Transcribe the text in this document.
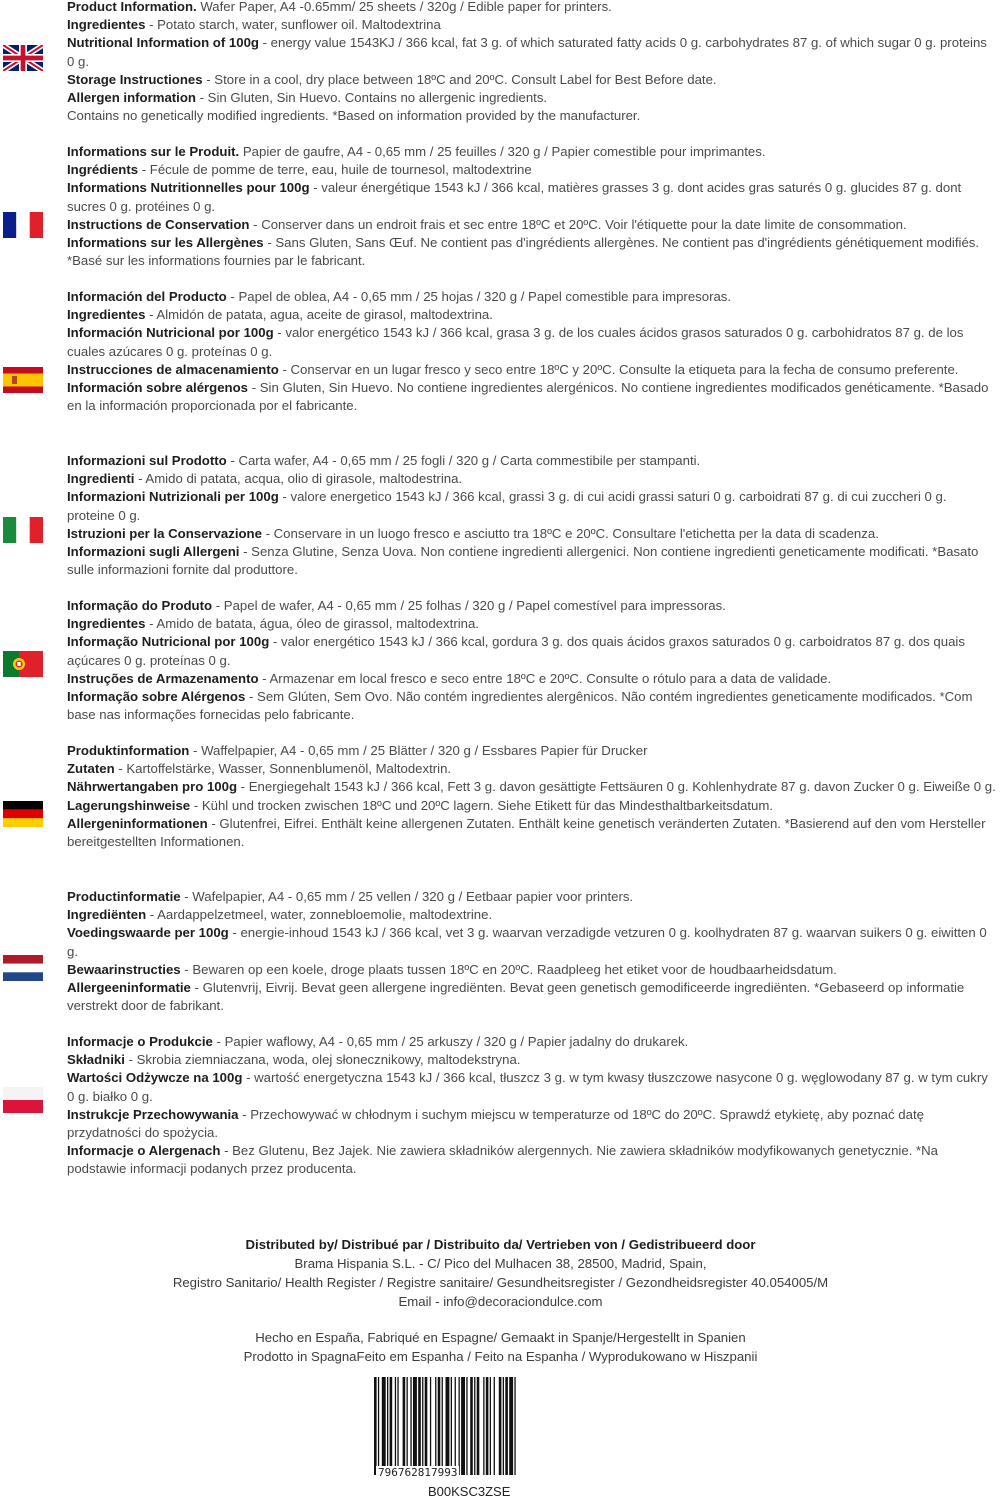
Product Information. Wafer Paper, A4 -0.65mm/ 25 sheets / 320g / Edible paper for printers.
Ingredientes - Potato starch, water, sunflower oil. Maltodextrina
Nutritional Information of 100g - energy value 1543KJ / 366 kcal, fat 3 g. of which saturated fatty acids 0 g. carbohydrates 87 g. of which sugar 0 g. proteins 0 g.
Storage Instructiones - Store in a cool, dry place between 18ºC and 20ºC. Consult Label for Best Before date.
Allergen information - Sin Gluten, Sin Huevo. Contains no allergenic ingredients.
Contains no genetically modified ingredients. *Based on information provided by the manufacturer.
Informations sur le Produit. Papier de gaufre, A4 - 0,65 mm / 25 feuilles / 320 g / Papier comestible pour imprimantes.
Ingrédients - Fécule de pomme de terre, eau, huile de tournesol, maltodextrine
Informations Nutritionnelles pour 100g - valeur énergétique 1543 kJ / 366 kcal, matières grasses 3 g. dont acides gras saturés 0 g. glucides 87 g. dont sucres 0 g. protéines 0 g.
Instructions de Conservation - Conserver dans un endroit frais et sec entre 18ºC et 20ºC. Voir l'étiquette pour la date limite de consommation.
Informations sur les Allergènes - Sans Gluten, Sans Œuf. Ne contient pas d'ingrédients allergènes. Ne contient pas d'ingrédients génétiquement modifiés. *Basé sur les informations fournies par le fabricant.
Información del Producto - Papel de oblea, A4 - 0,65 mm / 25 hojas / 320 g / Papel comestible para impresoras.
Ingredientes - Almidón de patata, agua, aceite de girasol, maltodextrina.
Información Nutricional por 100g - valor energético 1543 kJ / 366 kcal, grasa 3 g. de los cuales ácidos grasos saturados 0 g. carbohidratos 87 g. de los cuales azúcares 0 g. proteínas 0 g.
Instrucciones de almacenamiento - Conservar en un lugar fresco y seco entre 18ºC y 20ºC. Consulte la etiqueta para la fecha de consumo preferente.
Información sobre alérgenos - Sin Gluten, Sin Huevo. No contiene ingredientes alergénicos. No contiene ingredientes modificados genéticamente. *Basado en la información proporcionada por el fabricante.
Informazioni sul Prodotto - Carta wafer, A4 - 0,65 mm / 25 fogli / 320 g / Carta commestibile per stampanti.
Ingredienti - Amido di patata, acqua, olio di girasole, maltodestrina.
Informazioni Nutrizionali per 100g - valore energetico 1543 kJ / 366 kcal, grassi 3 g. di cui acidi grassi saturi 0 g. carboidrati 87 g. di cui zuccheri 0 g. proteine 0 g.
Istruzioni per la Conservazione - Conservare in un luogo fresco e asciutto tra 18ºC e 20ºC. Consultare l'etichetta per la data di scadenza.
Informazioni sugli Allergeni - Senza Glutine, Senza Uova. Non contiene ingredienti allergenici. Non contiene ingredienti geneticamente modificati. *Basato sulle informazioni fornite dal produttore.
Informação do Produto - Papel de wafer, A4 - 0,65 mm / 25 folhas / 320 g / Papel comestível para impressoras.
Ingredientes - Amido de batata, água, óleo de girassol, maltodextrina.
Informação Nutricional por 100g - valor energético 1543 kJ / 366 kcal, gordura 3 g. dos quais ácidos graxos saturados 0 g. carboidratos 87 g. dos quais açúcares 0 g. proteínas 0 g.
Instruções de Armazenamento - Armazenar em local fresco e seco entre 18ºC e 20ºC. Consulte o rótulo para a data de validade.
Informação sobre Alérgenos - Sem Glúten, Sem Ovo. Não contém ingredientes alergênicos. Não contém ingredientes geneticamente modificados. *Com base nas informações fornecidas pelo fabricante.
Produktinformation - Waffelpapier, A4 - 0,65 mm / 25 Blätter / 320 g / Essbares Papier für Drucker
Zutaten - Kartoffelstärke, Wasser, Sonnenblumenöl, Maltodextrin.
Nährwertangaben pro 100g - Energiegehalt 1543 kJ / 366 kcal, Fett 3 g. davon gesättigte Fettsäuren 0 g. Kohlenhydrate 87 g. davon Zucker 0 g. Eiweiße 0 g.
Lagerungshinweise - Kühl und trocken zwischen 18ºC und 20ºC lagern. Siehe Etikett für das Mindesthaltbarkeitsdatum.
Allergeninformationen - Glutenfrei, Eifrei. Enthält keine allergenen Zutaten. Enthält keine genetisch veränderten Zutaten. *Basierend auf den vom Hersteller bereitgestellten Informationen.
Productinformatie - Wafelpapier, A4 - 0,65 mm / 25 vellen / 320 g / Eetbaar papier voor printers.
Ingrediënten - Aardappelzetmeel, water, zonnebloemolie, maltodextrine.
Voedingswaarde per 100g - energie-inhoud 1543 kJ / 366 kcal, vet 3 g. waarvan verzadigde vetzuren 0 g. koolhydraten 87 g. waarvan suikers 0 g. eiwitten 0 g.
Bewaarinstructies - Bewaren op een koele, droge plaats tussen 18ºC en 20ºC. Raadpleeg het etiket voor de houdbaarheidsdatum.
Allergeeninformatie - Glutenvrij, Eivrij. Bevat geen allergene ingrediënten. Bevat geen genetisch gemodificeerde ingrediënten. *Gebaseerd op informatie verstrekt door de fabrikant.
Informacje o Produkcie - Papier waflowy, A4 - 0,65 mm / 25 arkuszy / 320 g / Papier jadalny do drukarek.
Składniki - Skrobia ziemniaczana, woda, olej słonecznikowy, maltodekstryna.
Wartości Odżywcze na 100g - wartość energetyczna 1543 kJ / 366 kcal, tłuszcz 3 g. w tym kwasy tłuszczowe nasycone 0 g. węglowodany 87 g. w tym cukry 0 g. białko 0 g.
Instrukcje Przechowywania - Przechowywać w chłodnym i suchym miejscu w temperaturze od 18ºC do 20ºC. Sprawdź etykietę, aby poznać datę przydatności do spożycia.
Informacje o Alergenach - Bez Glutenu, Bez Jajek. Nie zawiera składników alergennych. Nie zawiera składników modyfikowanych genetycznie. *Na podstawie informacji podanych przez producenta.
Distributed by/ Distribué par / Distribuito da/ Vertrieben von / Gedistribueerd door
Brama Hispania S.L. - C/ Pico del Mulhacen 38, 28500, Madrid, Spain,
Registro Sanitario/ Health Register / Registre sanitaire/ Gesundheitsregister / Gezondheidsregister 40.054005/M
Email - info@decoraciondulce.com
Hecho en España, Fabriqué en Espagne/ Gemaakt in Spanje/Hergestellt in Spanien
Prodotto in SpagnaFeito em Espanha / Feito na Espanha / Wyprodukowano w Hiszpanii
796762817993
B00KSC3ZSE
